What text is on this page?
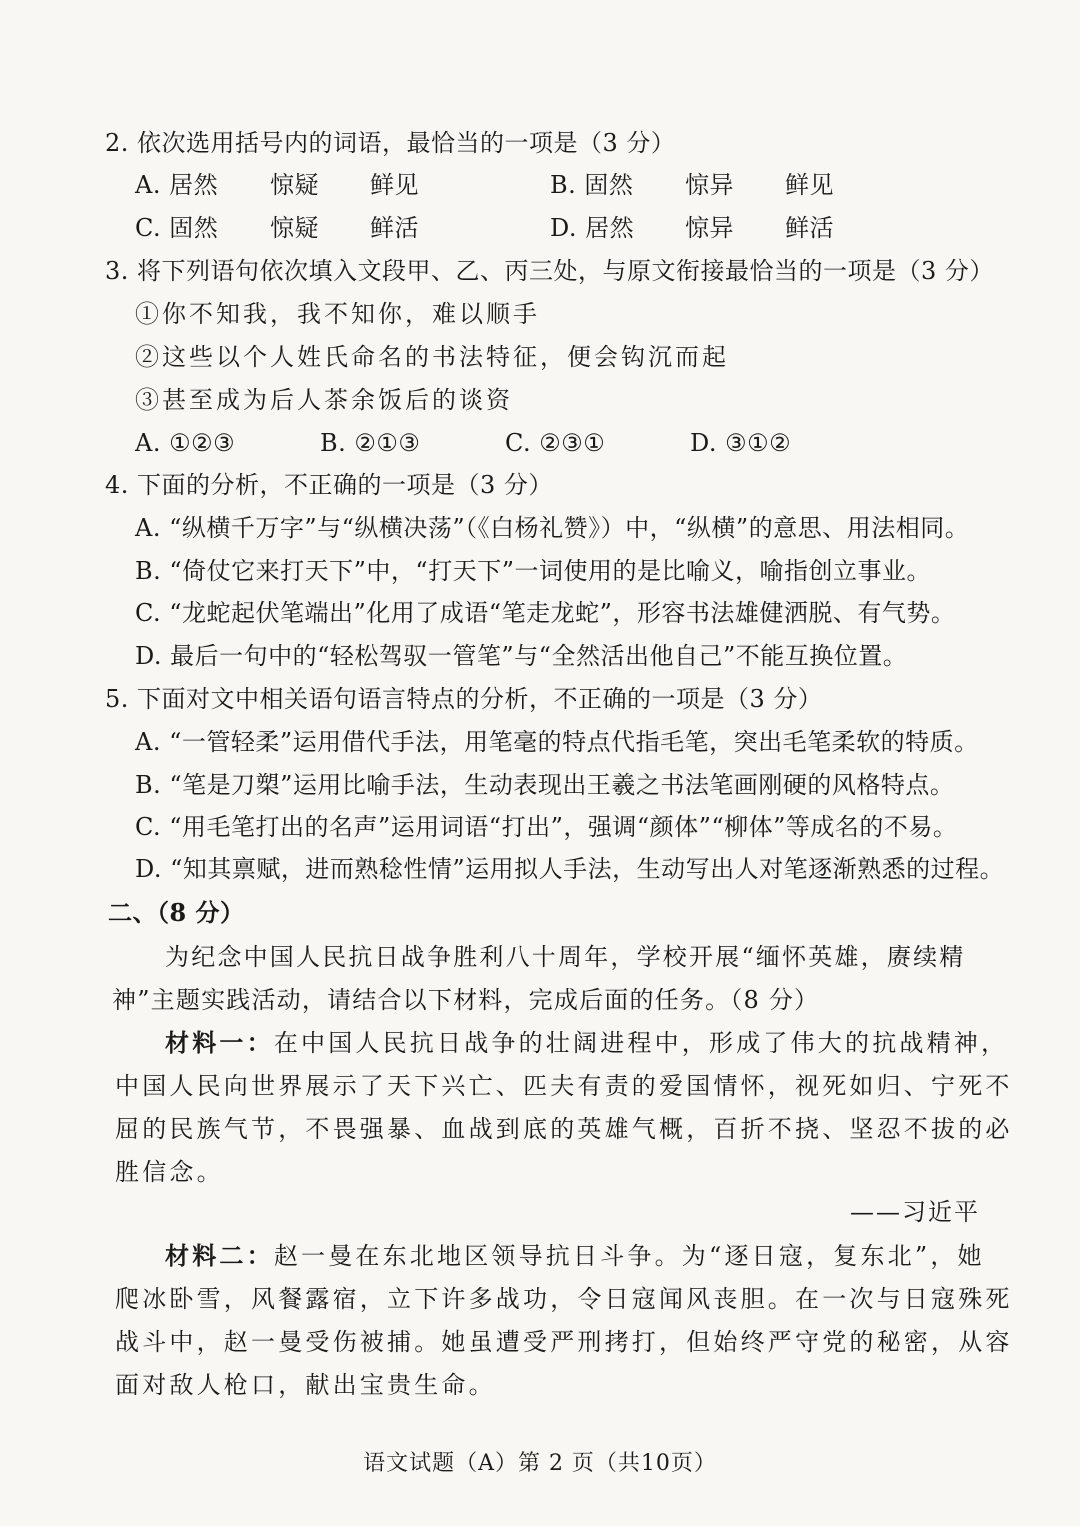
2. 依次选用括号内的词语，最恰当的一项是（3 分）
A. 居然 惊疑 鲜见	B. 固然 惊异 鲜见
C. 固然 惊疑 鲜活	D. 居然 惊异 鲜活
3. 将下列语句依次填入文段甲、乙、丙三处，与原文衔接最恰当的一项是（3 分）
①你不知我，我不知你，难以顺手
②这些以个人姓氏命名的书法特征，便会钩沉而起
③甚至成为后人茶余饭后的谈资
A. ①②③	B. ②①③	C. ②③①	D. ③①②
4. 下面的分析，不正确的一项是（3 分）
A. “纵横千万字”与“纵横决荡”（《白杨礼赞》）中，“纵横”的意思、用法相同。
B. “倚仗它来打天下”中，“打天下”一词使用的是比喻义，喻指创立事业。
C. “龙蛇起伏笔端出”化用了成语“笔走龙蛇”，形容书法雄健洒脱、有气势。
D. 最后一句中的“轻松驾驭一管笔”与“全然活出他自己”不能互换位置。
5. 下面对文中相关语句语言特点的分析，不正确的一项是（3 分）
A. “一管轻柔”运用借代手法，用笔毫的特点代指毛笔，突出毛笔柔软的特质。
B. “笔是刀槊”运用比喻手法，生动表现出王羲之书法笔画刚硬的风格特点。
C. “用毛笔打出的名声”运用词语“打出”，强调“颜体”“柳体”等成名的不易。
D. “知其禀赋，进而熟稔性情”运用拟人手法，生动写出人对笔逐渐熟悉的过程。
二、（8 分）
为纪念中国人民抗日战争胜利八十周年，学校开展“缅怀英雄，赓续精
神”主题实践活动，请结合以下材料，完成后面的任务。（8 分）
材料一：在中国人民抗日战争的壮阔进程中，形成了伟大的抗战精神，
中国人民向世界展示了天下兴亡、匹夫有责的爱国情怀，视死如归、宁死不
屈的民族气节，不畏强暴、血战到底的英雄气概，百折不挠、坚忍不拔的必
胜信念。
——习近平
材料二：赵一曼在东北地区领导抗日斗争。为“逐日寇，复东北”，她
爬冰卧雪，风餐露宿，立下许多战功，令日寇闻风丧胆。在一次与日寇殊死
战斗中，赵一曼受伤被捕。她虽遭受严刑拷打，但始终严守党的秘密，从容
面对敌人枪口，献出宝贵生命。
语文试题（A）第 2 页（共10页）
